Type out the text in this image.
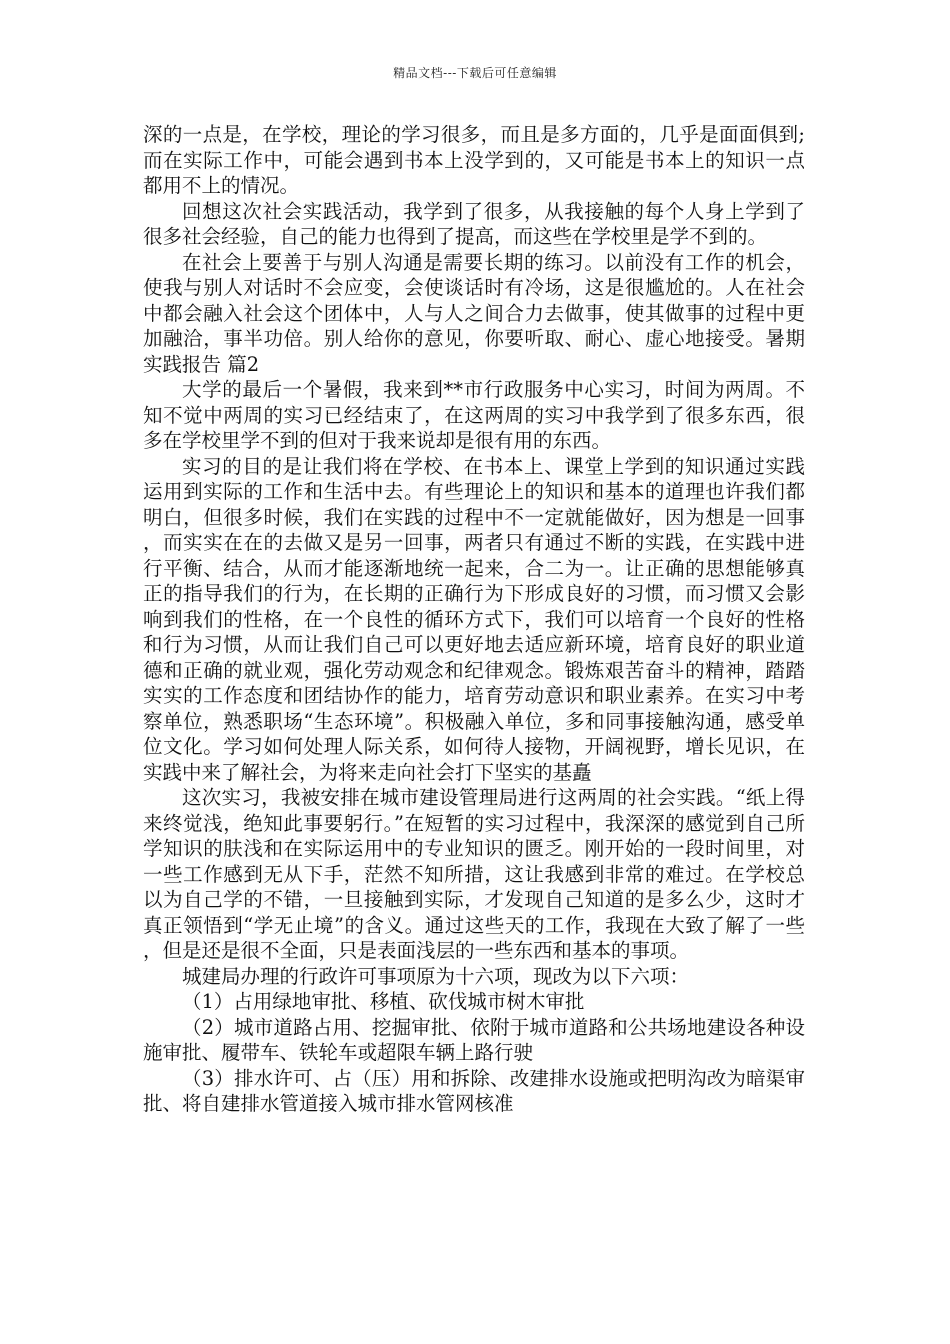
精品文档---下载后可任意编辑

深的一点是，在学校，理论的学习很多，而且是多方面的，几乎是面面俱到;而在实际工作中，可能会遇到书本上没学到的，又可能是书本上的知识一点都用不上的情况。

回想这次社会实践活动，我学到了很多，从我接触的每个人身上学到了很多社会经验，自己的能力也得到了提高，而这些在学校里是学不到的。

在社会上要善于与别人沟通是需要长期的练习。以前没有工作的机会，使我与别人对话时不会应变，会使谈话时有冷场，这是很尴尬的。人在社会中都会融入社会这个团体中，人与人之间合力去做事，使其做事的过程中更加融洽，事半功倍。别人给你的意见，你要听取、耐心、虚心地接受。暑期实践报告 篇2

大学的最后一个暑假，我来到**市行政服务中心实习，时间为两周。不知不觉中两周的实习已经结束了，在这两周的实习中我学到了很多东西，很多在学校里学不到的但对于我来说却是很有用的东西。

实习的目的是让我们将在学校、在书本上、课堂上学到的知识通过实践运用到实际的工作和生活中去。有些理论上的知识和基本的道理也许我们都明白，但很多时候，我们在实践的过程中不一定就能做好，因为想是一回事，而实实在在的去做又是另一回事，两者只有通过不断的实践，在实践中进行平衡、结合，从而才能逐渐地统一起来，合二为一。让正确的思想能够真正的指导我们的行为，在长期的正确行为下形成良好的习惯，而习惯又会影响到我们的性格，在一个良性的循环方式下，我们可以培育一个良好的性格和行为习惯，从而让我们自己可以更好地去适应新环境，培育良好的职业道德和正确的就业观，强化劳动观念和纪律观念。锻炼艰苦奋斗的精神，踏踏实实的工作态度和团结协作的能力，培育劳动意识和职业素养。在实习中考察单位，熟悉职场“生态环境”。积极融入单位，多和同事接触沟通，感受单位文化。学习如何处理人际关系，如何待人接物，开阔视野，增长见识，在实践中来了解社会，为将来走向社会打下坚实的基矗

这次实习，我被安排在城市建设管理局进行这两周的社会实践。“纸上得来终觉浅，绝知此事要躬行。”在短暂的实习过程中，我深深的感觉到自己所学知识的肤浅和在实际运用中的专业知识的匮乏。刚开始的一段时间里，对一些工作感到无从下手，茫然不知所措，这让我感到非常的难过。在学校总以为自己学的不错，一旦接触到实际，才发现自己知道的是多么少，这时才真正领悟到“学无止境”的含义。通过这些天的工作，我现在大致了解了一些，但是还是很不全面，只是表面浅层的一些东西和基本的事项。

城建局办理的行政许可事项原为十六项，现改为以下六项：

（1）占用绿地审批、移植、砍伐城市树木审批

（2）城市道路占用、挖掘审批、依附于城市道路和公共场地建设各种设施审批、履带车、铁轮车或超限车辆上路行驶

（3）排水许可、占（压）用和拆除、改建排水设施或把明沟改为暗渠审批、将自建排水管道接入城市排水管网核准
